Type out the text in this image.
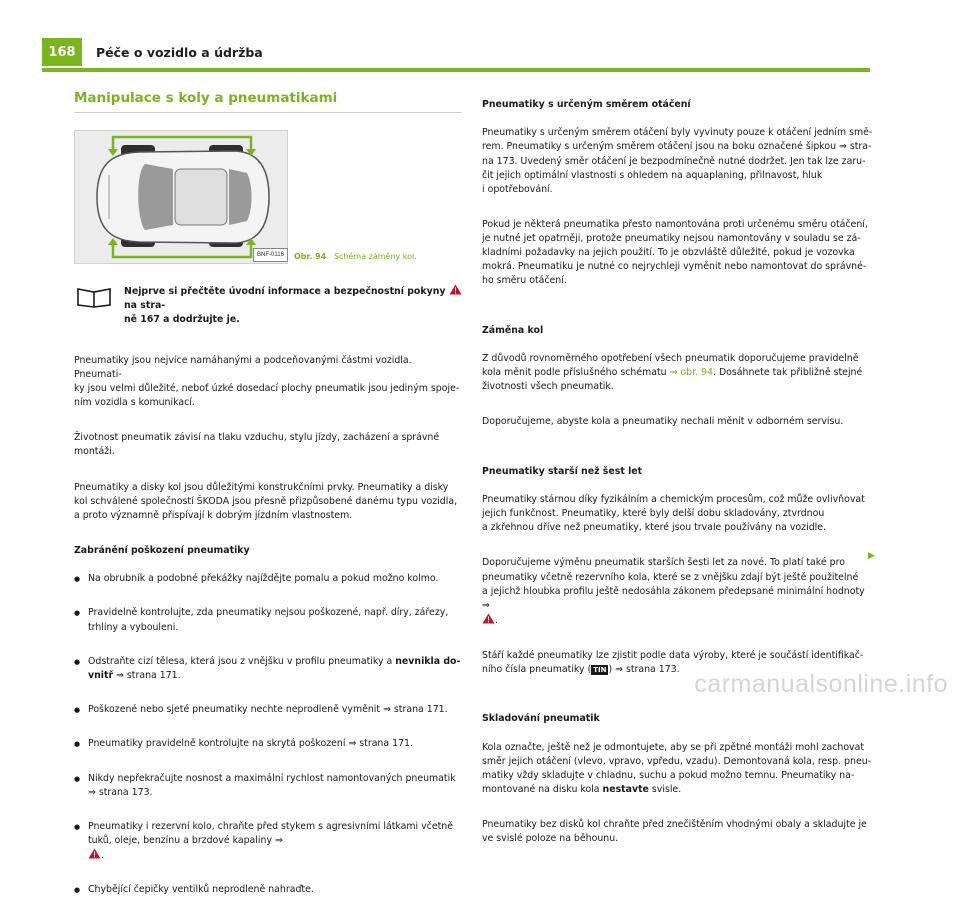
168	Péče o vozidlo a údržba
Manipulace s koly a pneumatikami
BNF-0116	Obr. 94 Schéma záměny kol.
Nejprve si přečtěte úvodní informace a bezpečnostní pokyny  na stra-
ně 167 a dodržujte je.

Pneumatiky jsou nejvíce namáhanými a podceňovanými částmi vozidla. Pneumati-
ky jsou velmi důležité, neboť úzké dosedací plochy pneumatik jsou jediným spoje-
ním vozidla s komunikací.

Životnost pneumatik závisí na tlaku vzduchu, stylu jízdy, zacházení a správné
montáži.

Pneumatiky a disky kol jsou důležitými konstrukčními prvky. Pneumatiky a disky
kol schválené společností ŠKODA jsou přesně přizpůsobené danému typu vozidla,
a proto významně přispívají k dobrým jízdním vlastnostem.

Zabránění poškození pneumatiky

● Na obrubník a podobné překážky najíždějte pomalu a pokud možno kolmo.

● Pravidelně kontrolujte, zda pneumatiky nejsou poškozené, např. díry, zářezy,
trhliny a vybouleni.

● Odstraňte cizí tělesa, která jsou z vnějšku v profilu pneumatiky a nevnikla do-
vnitř ⇒ strana 171.

● Poškozené nebo sjeté pneumatiky nechte neprodleně vyměnit ⇒ strana 171.

● Pneumatiky pravidelně kontrolujte na skrytá poškození ⇒ strana 171.

● Nikdy nepřekračujte nosnost a maximální rychlost namontovaných pneumatik
⇒ strana 173.

● Pneumatiky i rezervní kolo, chraňte před stykem s agresivními látkami včetně
tuků, oleje, benzínu a brzdové kapaliny ⇒
.

● Chybějící čepičky ventilků neprodleně nahraďte.

Pneumatiky s určeným směrem otáčení

Pneumatiky s určeným směrem otáčení byly vyvinuty pouze k otáčení jedním smě-
rem. Pneumatiky s určeným směrem otáčení jsou na boku označené šipkou ⇒ stra-
na 173. Uvedený směr otáčení je bezpodmínečně nutné dodržet. Jen tak lze zaru-
čit jejich optimální vlastnosti s ohledem na aquaplaning, přilnavost, hluk
i opotřebování.

Pokud je některá pneumatika přesto namontována proti určenému směru otáčení,
je nutné jet opatrněji, protože pneumatiky nejsou namontovány v souladu se zá-
kladními požadavky na jejich použití. To je obzvláště důležité, pokud je vozovka
mokrá. Pneumatiku je nutné co nejrychleji vyměnit nebo namontovat do správné-
ho směru otáčení.

Záměna kol

Z důvodů rovnoměrného opotřebení všech pneumatik doporučujeme pravidelně
kola měnit podle příslušného schématu ⇒ obr. 94. Dosáhnete tak přibližně stejné
životnosti všech pneumatik.

Doporučujeme, abyste kola a pneumatiky nechali měnit v odborném servisu.

Pneumatiky starší než šest let

Pneumatiky stárnou díky fyzikálním a chemickým procesům, což může ovlivňovat
jejich funkčnost. Pneumatiky, které byly delší dobu skladovány, ztvrdnou
a zkřehnou dříve než pneumatiky, které jsou trvale používány na vozidle.

Doporučujeme výměnu pneumatik starších šesti let za nové. To platí také pro
pneumatiky včetně rezervního kola, které se z vnějšku zdají být ještě použitelné
a jejichž hloubka profilu ještě nedosáhla zákonem předepsané minimální hodnoty
⇒
.

Stáří každé pneumatiky lze zjistit podle data výroby, které je součástí identifikač-
ního čísla pneumatiky ( TIN ) ⇒ strana 173.

Skladování pneumatik

Kola označte, ještě než je odmontujete, aby se při zpětné montáži mohl zachovat
směr jejich otáčení (vlevo, vpravo, vpředu, vzadu). Demontovaná kola, resp. pneu-
matiky vždy skladujte v chladnu, suchu a pokud možno temnu. Pneumatiky na-
montované na disku kola nestavte svisle.

Pneumatiky bez disků kol chraňte před znečištěním vhodnými obaly a skladujte je
ve svislé poloze na běhounu.

▶
carmanualsonline.info
